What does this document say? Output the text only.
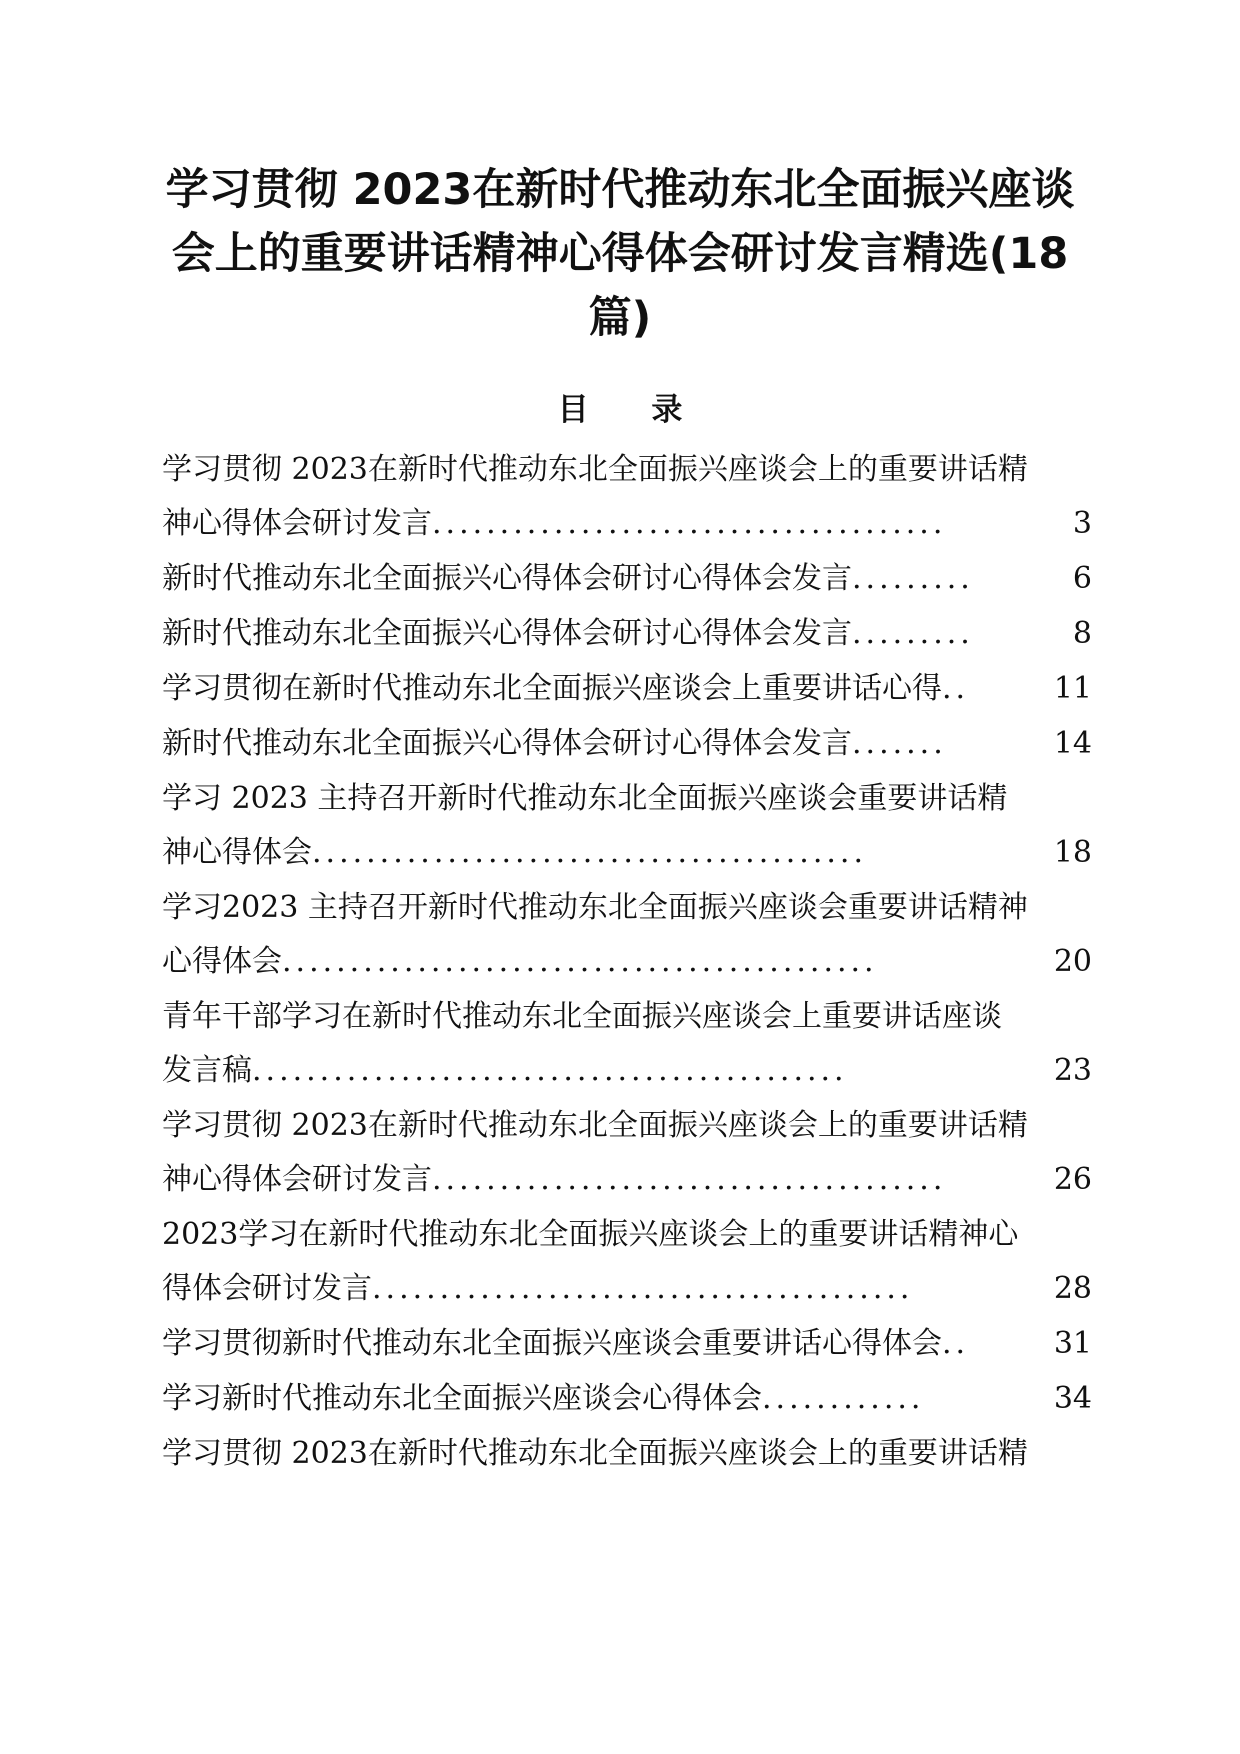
学习贯彻 2023在新时代推动东北全面振兴座谈
会上的重要讲话精神心得体会研讨发言精选(18
篇)
目 录
学习贯彻 2023在新时代推动东北全面振兴座谈会上的重要讲话精
神心得体会研讨发言......................................	3
新时代推动东北全面振兴心得体会研讨心得体会发言.........	6
新时代推动东北全面振兴心得体会研讨心得体会发言.........	8
学习贯彻在新时代推动东北全面振兴座谈会上重要讲话心得..	11
新时代推动东北全面振兴心得体会研讨心得体会发言.......	14
学习 2023 主持召开新时代推动东北全面振兴座谈会重要讲话精
神心得体会.........................................	18
学习2023 主持召开新时代推动东北全面振兴座谈会重要讲话精神
心得体会............................................	20
青年干部学习在新时代推动东北全面振兴座谈会上重要讲话座谈
发言稿............................................	23
学习贯彻 2023在新时代推动东北全面振兴座谈会上的重要讲话精
神心得体会研讨发言......................................	26
2023学习在新时代推动东北全面振兴座谈会上的重要讲话精神心
得体会研讨发言........................................	28
学习贯彻新时代推动东北全面振兴座谈会重要讲话心得体会..	31
学习新时代推动东北全面振兴座谈会心得体会............	34
学习贯彻 2023在新时代推动东北全面振兴座谈会上的重要讲话精
